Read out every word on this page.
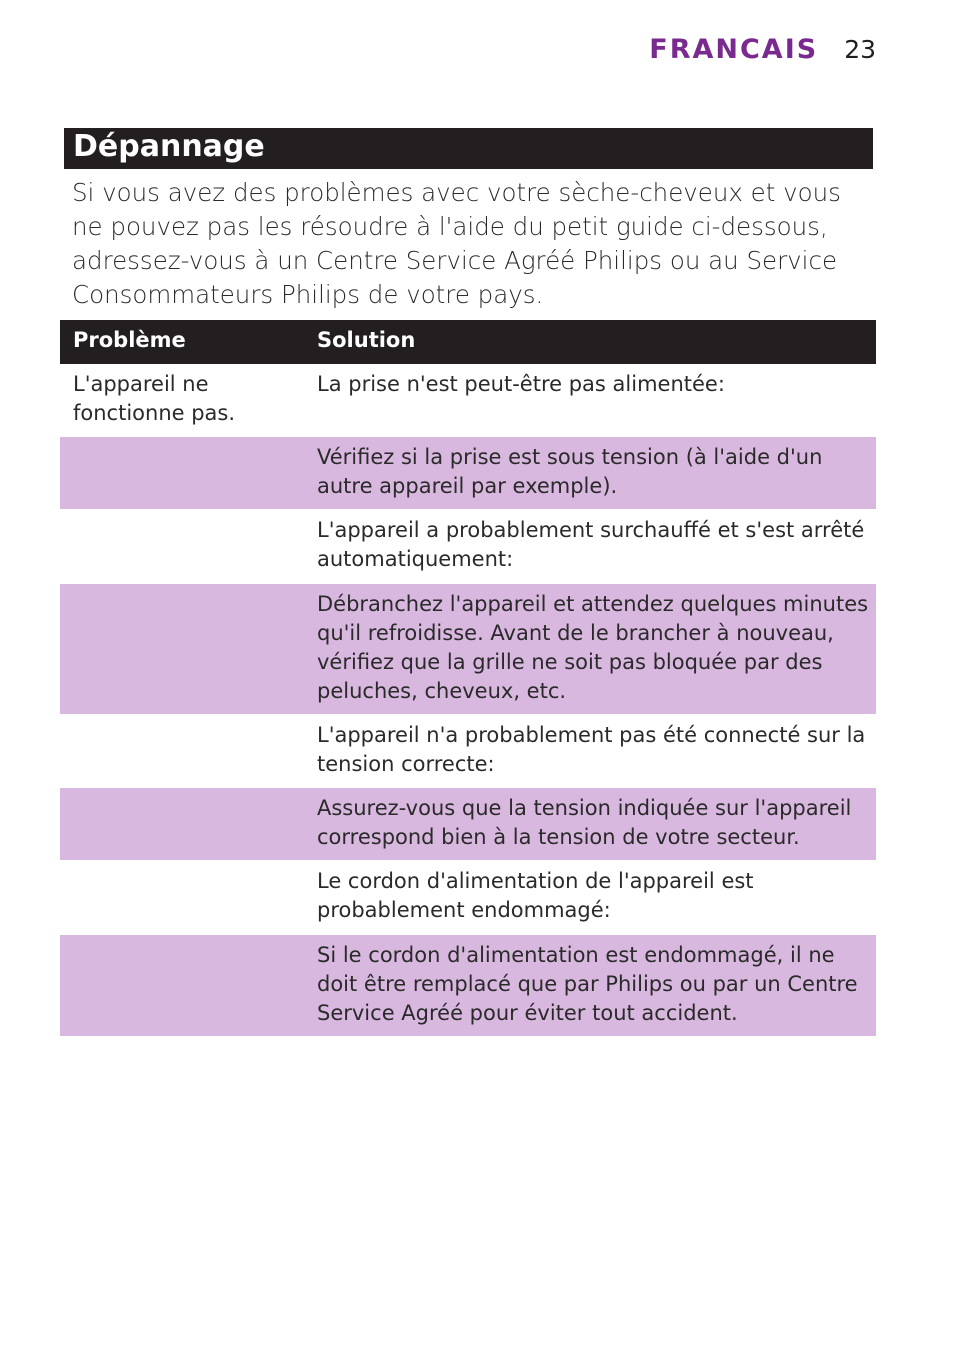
FRANCAIS 23
Dépannage

Si vous avez des problèmes avec votre sèche-cheveux et vous ne pouvez pas les résoudre à l'aide du petit guide ci-dessous, adressez-vous à un Centre Service Agréé Philips ou au Service Consommateurs Philips de votre pays.

Problème	Solution
L'appareil ne fonctionne pas.
La prise n'est peut-être pas alimentée:
Vérifiez si la prise est sous tension (à l'aide d'un autre appareil par exemple).
L'appareil a probablement surchauffé et s'est arrêté automatiquement:
Débranchez l'appareil et attendez quelques minutes qu'il refroidisse. Avant de le brancher à nouveau, vérifiez que la grille ne soit pas bloquée par des peluches, cheveux, etc.
L'appareil n'a probablement pas été connecté sur la tension correcte:
Assurez-vous que la tension indiquée sur l'appareil correspond bien à la tension de votre secteur.
Le cordon d'alimentation de l'appareil est probablement endommagé:
Si le cordon d'alimentation est endommagé, il ne doit être remplacé que par Philips ou par un Centre Service Agréé pour éviter tout accident.
